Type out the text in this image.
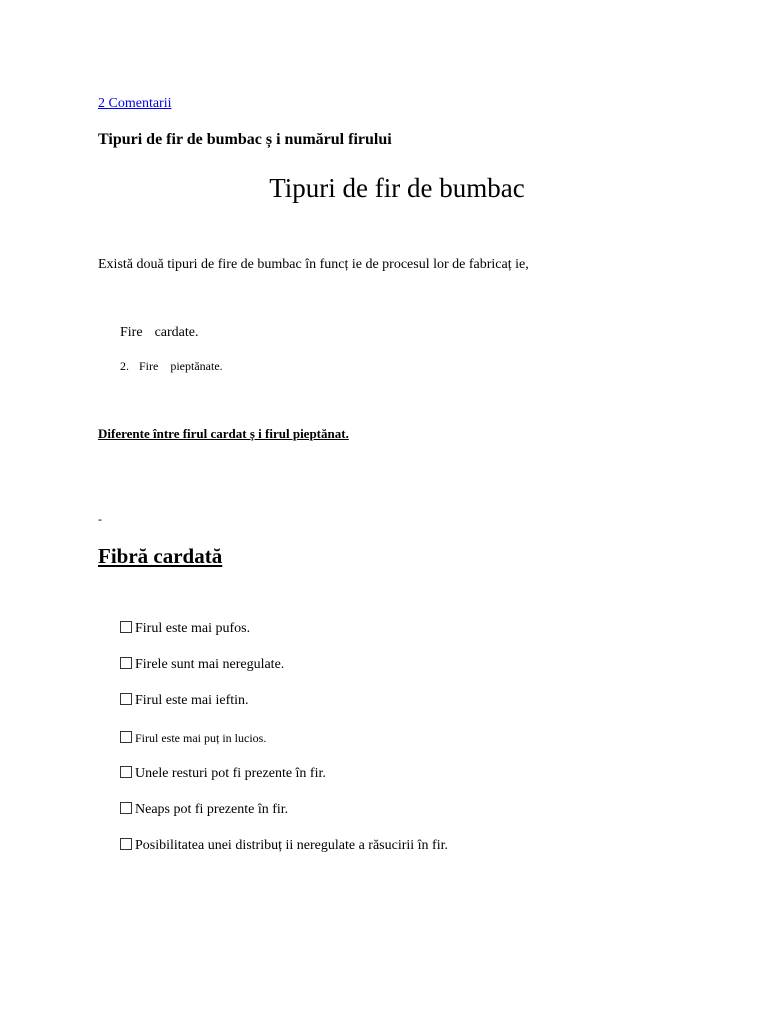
2 Comentarii
Tipuri de fir de bumbac ș i numărul firului
Tipuri de fir de bumbac
Există două tipuri de fire de bumbac în funcț ie de procesul lor de fabricaț ie,
Fire cardate.
2. Fire pieptănate.
Diferente între firul cardat ș i firul pieptănat.
-
Fibră cardată
Firul este mai pufos.
Firele sunt mai neregulate.
Firul este mai ieftin.
Firul este mai puț in lucios.
Unele resturi pot fi prezente în fir.
Neaps pot fi prezente în fir.
Posibilitatea unei distribuț ii neregulate a răsucirii în fir.
